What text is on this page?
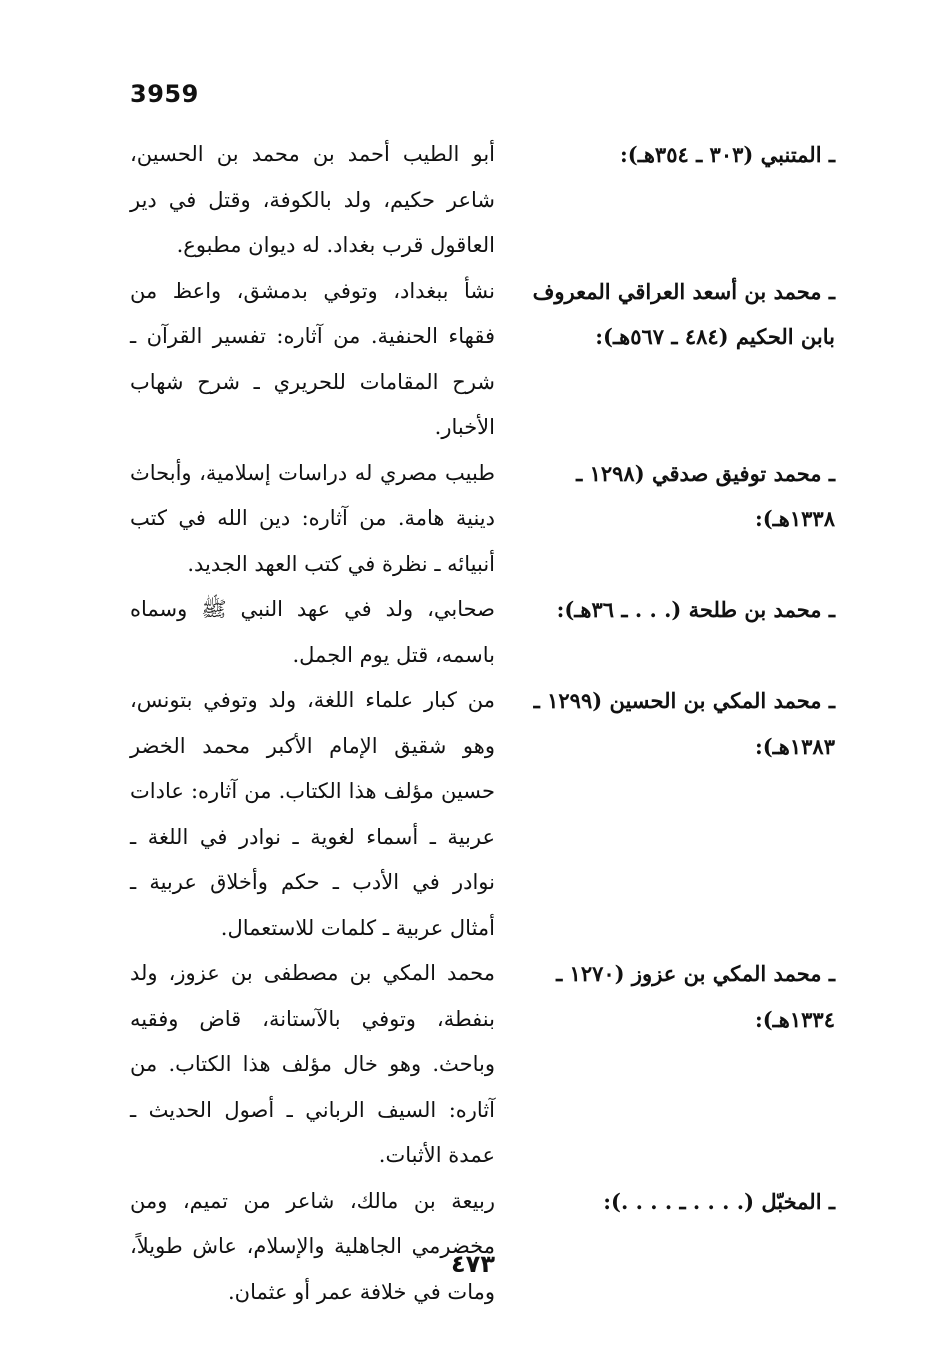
3959
ـ المتنبي (٣٠٣ ـ ٣٥٤هـ):
أبو الطيب أحمد بن محمد بن الحسين، شاعر حكيم، ولد بالكوفة، وقتل في دير العاقول قرب بغداد. له ديوان مطبوع.
ـ محمد بن أسعد العراقي المعروف بابن الحكيم (٤٨٤ ـ ٥٦٧هـ):
نشأ ببغداد، وتوفي بدمشق، واعظ من فقهاء الحنفية. من آثاره: تفسير القرآن ـ شرح المقامات للحريري ـ شرح شهاب الأخبار.
ـ محمد توفيق صدقي (١٢٩٨ ـ ١٣٣٨هـ):
طبيب مصري له دراسات إسلامية، وأبحاث دينية هامة. من آثاره: دين الله في كتب أنبيائه ـ نظرة في كتب العهد الجديد.
ـ محمد بن طلحة (. . . ـ ٣٦هـ):
صحابي، ولد في عهد النبي ﷺ وسماه باسمه، قتل يوم الجمل.
ـ محمد المكي بن الحسين (١٢٩٩ ـ ١٣٨٣هـ):
من كبار علماء اللغة، ولد وتوفي بتونس، وهو شقيق الإمام الأكبر محمد الخضر حسين مؤلف هذا الكتاب. من آثاره: عادات عربية ـ أسماء لغوية ـ نوادر في اللغة ـ نوادر في الأدب ـ حكم وأخلاق عربية ـ أمثال عربية ـ كلمات للاستعمال.
ـ محمد المكي بن عزوز (١٢٧٠ ـ ١٣٣٤هـ):
محمد المكي بن مصطفى بن عزوز، ولد بنفطة، وتوفي بالآستانة، قاض وفقيه وباحث. وهو خال مؤلف هذا الكتاب. من آثاره: السيف الرباني ـ أصول الحديث ـ عمدة الأثبات.
ـ المخبّل (. . . . ـ . . . .):
ربيعة بن مالك، شاعر من تميم، ومن مخضرمي الجاهلية والإسلام، عاش طويلاً، ومات في خلافة عمر أو عثمان.
٤٧٣
